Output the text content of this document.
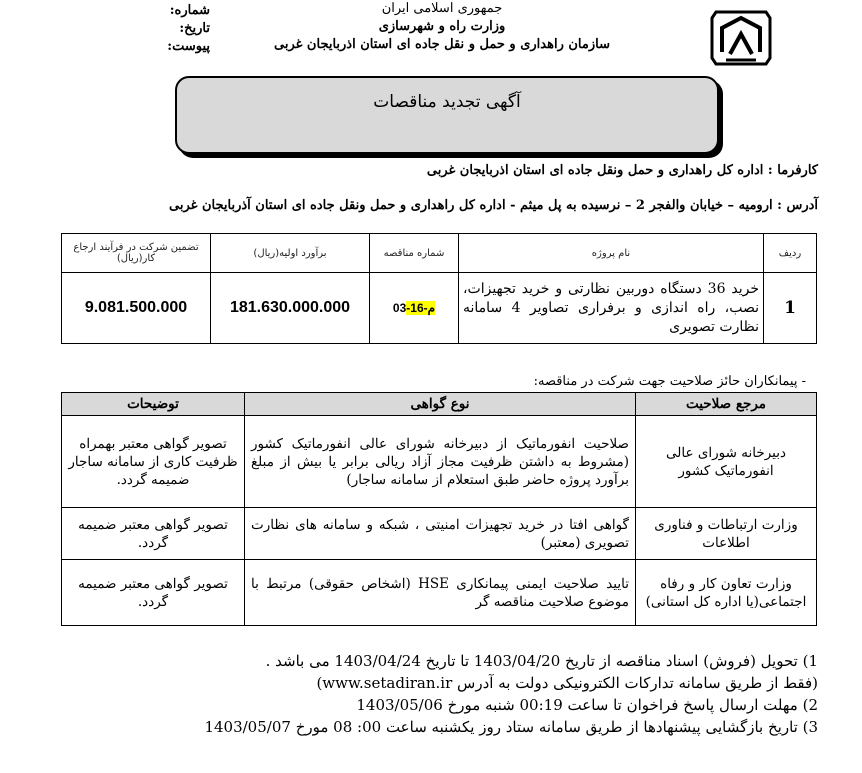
جمهوری اسلامی ایران
وزارت راه و شهرسازی
سازمان راهداری و حمل و نقل جاده ای استان اذربایجان غربی
شماره:
تاریخ:
پیوست:
آگهی تجدید مناقصات
کارفرما : اداره کل راهداری و حمل ونقل جاده ای استان اذربایجان غربی
آدرس : ارومیه – خیابان والفجر 2 – نرسیده به پل میثم - اداره کل راهداری و حمل ونقل جاده ای استان آذربایجان غربی
ردیف	نام پروژه	شماره مناقصه	برآورد اولیه(ریال)	تضمین شرکت در فرآیند ارجاع کار(ریال)
1	خرید 36 دستگاه دوربین نظارتی و خرید تجهیزات، نصب، راه اندازی و برفراری تصاویر 4 سامانه نظارت تصویری	03-م-16	181.630.000.000	9.081.500.000
- پیمانکاران حائز صلاحیت جهت شرکت در مناقصه:
مرجع صلاحیت	نوع گواهی	توضیحات
دبیرخانه شورای عالی انفورماتیک کشور	صلاحیت انفورماتیک از دبیرخانه شورای عالی انفورماتیک کشور (مشروط به داشتن ظرفیت مجاز آزاد ریالی برابر یا بیش از مبلغ برآورد پروژه حاضر طبق استعلام از سامانه ساجار)	تصویر گواهی معتبر بهمراه ظرفیت کاری از سامانه ساجار ضمیمه گردد.
وزارت ارتباطات و فناوری اطلاعات	گواهی افتا در خرید تجهیزات امنیتی ، شبکه و سامانه های نظارت تصویری (معتبر)	تصویر گواهی معتبر ضمیمه گردد.
وزارت تعاون کار و رفاه اجتماعی(یا اداره کل استانی)	تایید صلاحیت ایمنی پیمانکاری HSE (اشخاص حقوقی) مرتبط با موضوع صلاحیت مناقصه گر	تصویر گواهی معتبر ضمیمه گردد.
1) تحویل (فروش) اسناد مناقصه از تاریخ 1403/04/20 تا تاریخ 1403/04/24 می باشد .
(فقط از طریق سامانه تدارکات الکترونیکی دولت به آدرس www.setadiran.ir)
2) مهلت ارسال پاسخ فراخوان تا ساعت 00:19 شنبه مورخ 1403/05/06
3) تاریخ بازگشایی پیشنهادها از طریق سامانه ستاد روز یکشنبه ساعت 00: 08 مورخ 1403/05/07
